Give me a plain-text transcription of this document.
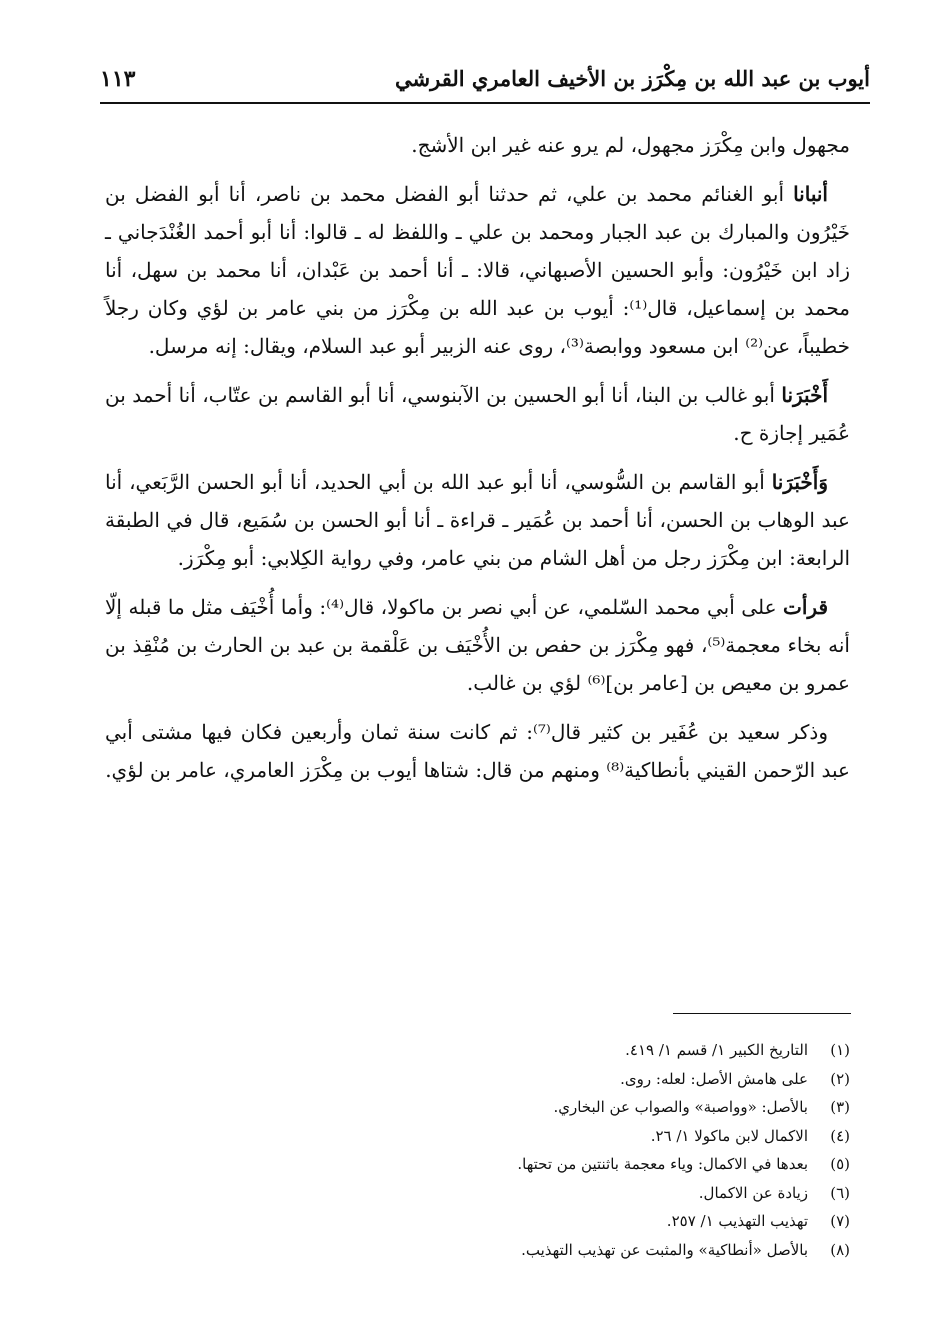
أيوب بن عبد الله بن مِكْرَز بن الأخيف العامري القرشي
١١٣

مجهول وابن مِكْرَز مجهول، لم يرو عنه غير ابن الأشج.

أنبانا أبو الغنائم محمد بن علي، ثم حدثنا أبو الفضل محمد بن ناصر، أنا أبو الفضل بن خَيْرُون والمبارك بن عبد الجبار ومحمد بن علي ـ واللفظ له ـ قالوا: أنا أبو أحمد الغُنْدَجاني ـ زاد ابن خَيْرُون: وأبو الحسين الأصبهاني، قالا: ـ أنا أحمد بن عَبْدان، أنا محمد بن سهل، أنا محمد بن إسماعيل، قال⁽¹⁾: أيوب بن عبد الله بن مِكْرَز من بني عامر بن لؤي وكان رجلاً خطيباً، عن⁽²⁾ ابن مسعود ووابصة⁽³⁾، روى عنه الزبير أبو عبد السلام، ويقال: إنه مرسل.

أَخْبَرَنا أبو غالب بن البنا، أنا أبو الحسين بن الآبنوسي، أنا أبو القاسم بن عتّاب، أنا أحمد بن عُمَير إجازة ح.

وَأَخْبَرَنا أبو القاسم بن السُّوسي، أنا أبو عبد الله بن أبي الحديد، أنا أبو الحسن الرَّبَعي، أنا عبد الوهاب بن الحسن، أنا أحمد بن عُمَير ـ قراءة ـ أنا أبو الحسن بن سُمَيع، قال في الطبقة الرابعة: ابن مِكْرَز رجل من أهل الشام من بني عامر، وفي رواية الكِلابي: أبو مِكْرَز.

قرأت على أبي محمد السّلمي، عن أبي نصر بن ماكولا، قال⁽⁴⁾: وأما أُخْيَف مثل ما قبله إلّا أنه بخاء معجمة⁽⁵⁾، فهو مِكْرَز بن حفص بن الأُخْيَف بن عَلْقمة بن عبد بن الحارث بن مُنْقِذ بن عمرو بن معيص بن [عامر بن]⁽⁶⁾ لؤي بن غالب.

وذكر سعيد بن عُفَير بن كثير قال⁽⁷⁾: ثم كانت سنة ثمان وأربعين فكان فيها مشتى أبي عبد الرّحمن القيني بأنطاكية⁽⁸⁾ ومنهم من قال: شتاها أيوب بن مِكْرَز العامري، عامر بن لؤي.

(١)التاريخ الكبير ١/ قسم ١/ ٤١٩.
(٢)على هامش الأصل: لعله: روى.
(٣)بالأصل: «وواصبة» والصواب عن البخاري.
(٤)الاكمال لابن ماكولا ١/ ٢٦.
(٥)بعدها في الاكمال: وياء معجمة باثنتين من تحتها.
(٦)زيادة عن الاكمال.
(٧)تهذيب التهذيب ١/ ٢٥٧.
(٨)بالأصل «أنطاكية» والمثبت عن تهذيب التهذيب.
